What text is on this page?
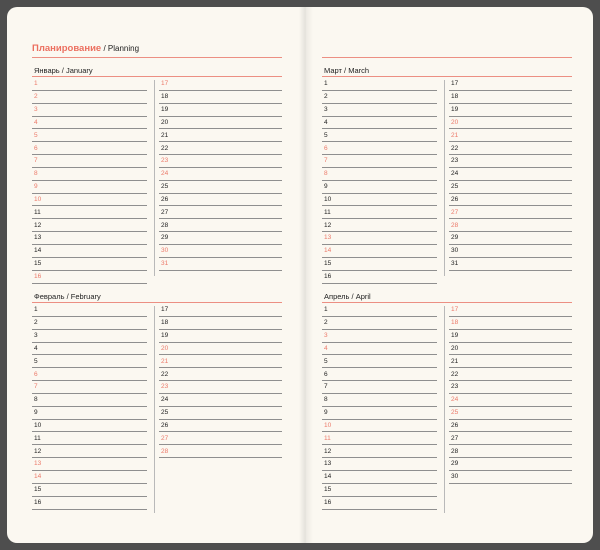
Планирование / Planning
Январь / January
1
2
3
4
5
6
7
8
9
10
11
12
13
14
15
16
17
18
19
20
21
22
23
24
25
26
27
28
29
30
31
Февраль / February
1
2
3
4
5
6
7
8
9
10
11
12
13
14
15
16
17
18
19
20
21
22
23
24
25
26
27
28
Март / March
1
2
3
4
5
6
7
8
9
10
11
12
13
14
15
16
17
18
19
20
21
22
23
24
25
26
27
28
29
30
31
Апрель / April
1
2
3
4
5
6
7
8
9
10
11
12
13
14
15
16
17
18
19
20
21
22
23
24
25
26
27
28
29
30
